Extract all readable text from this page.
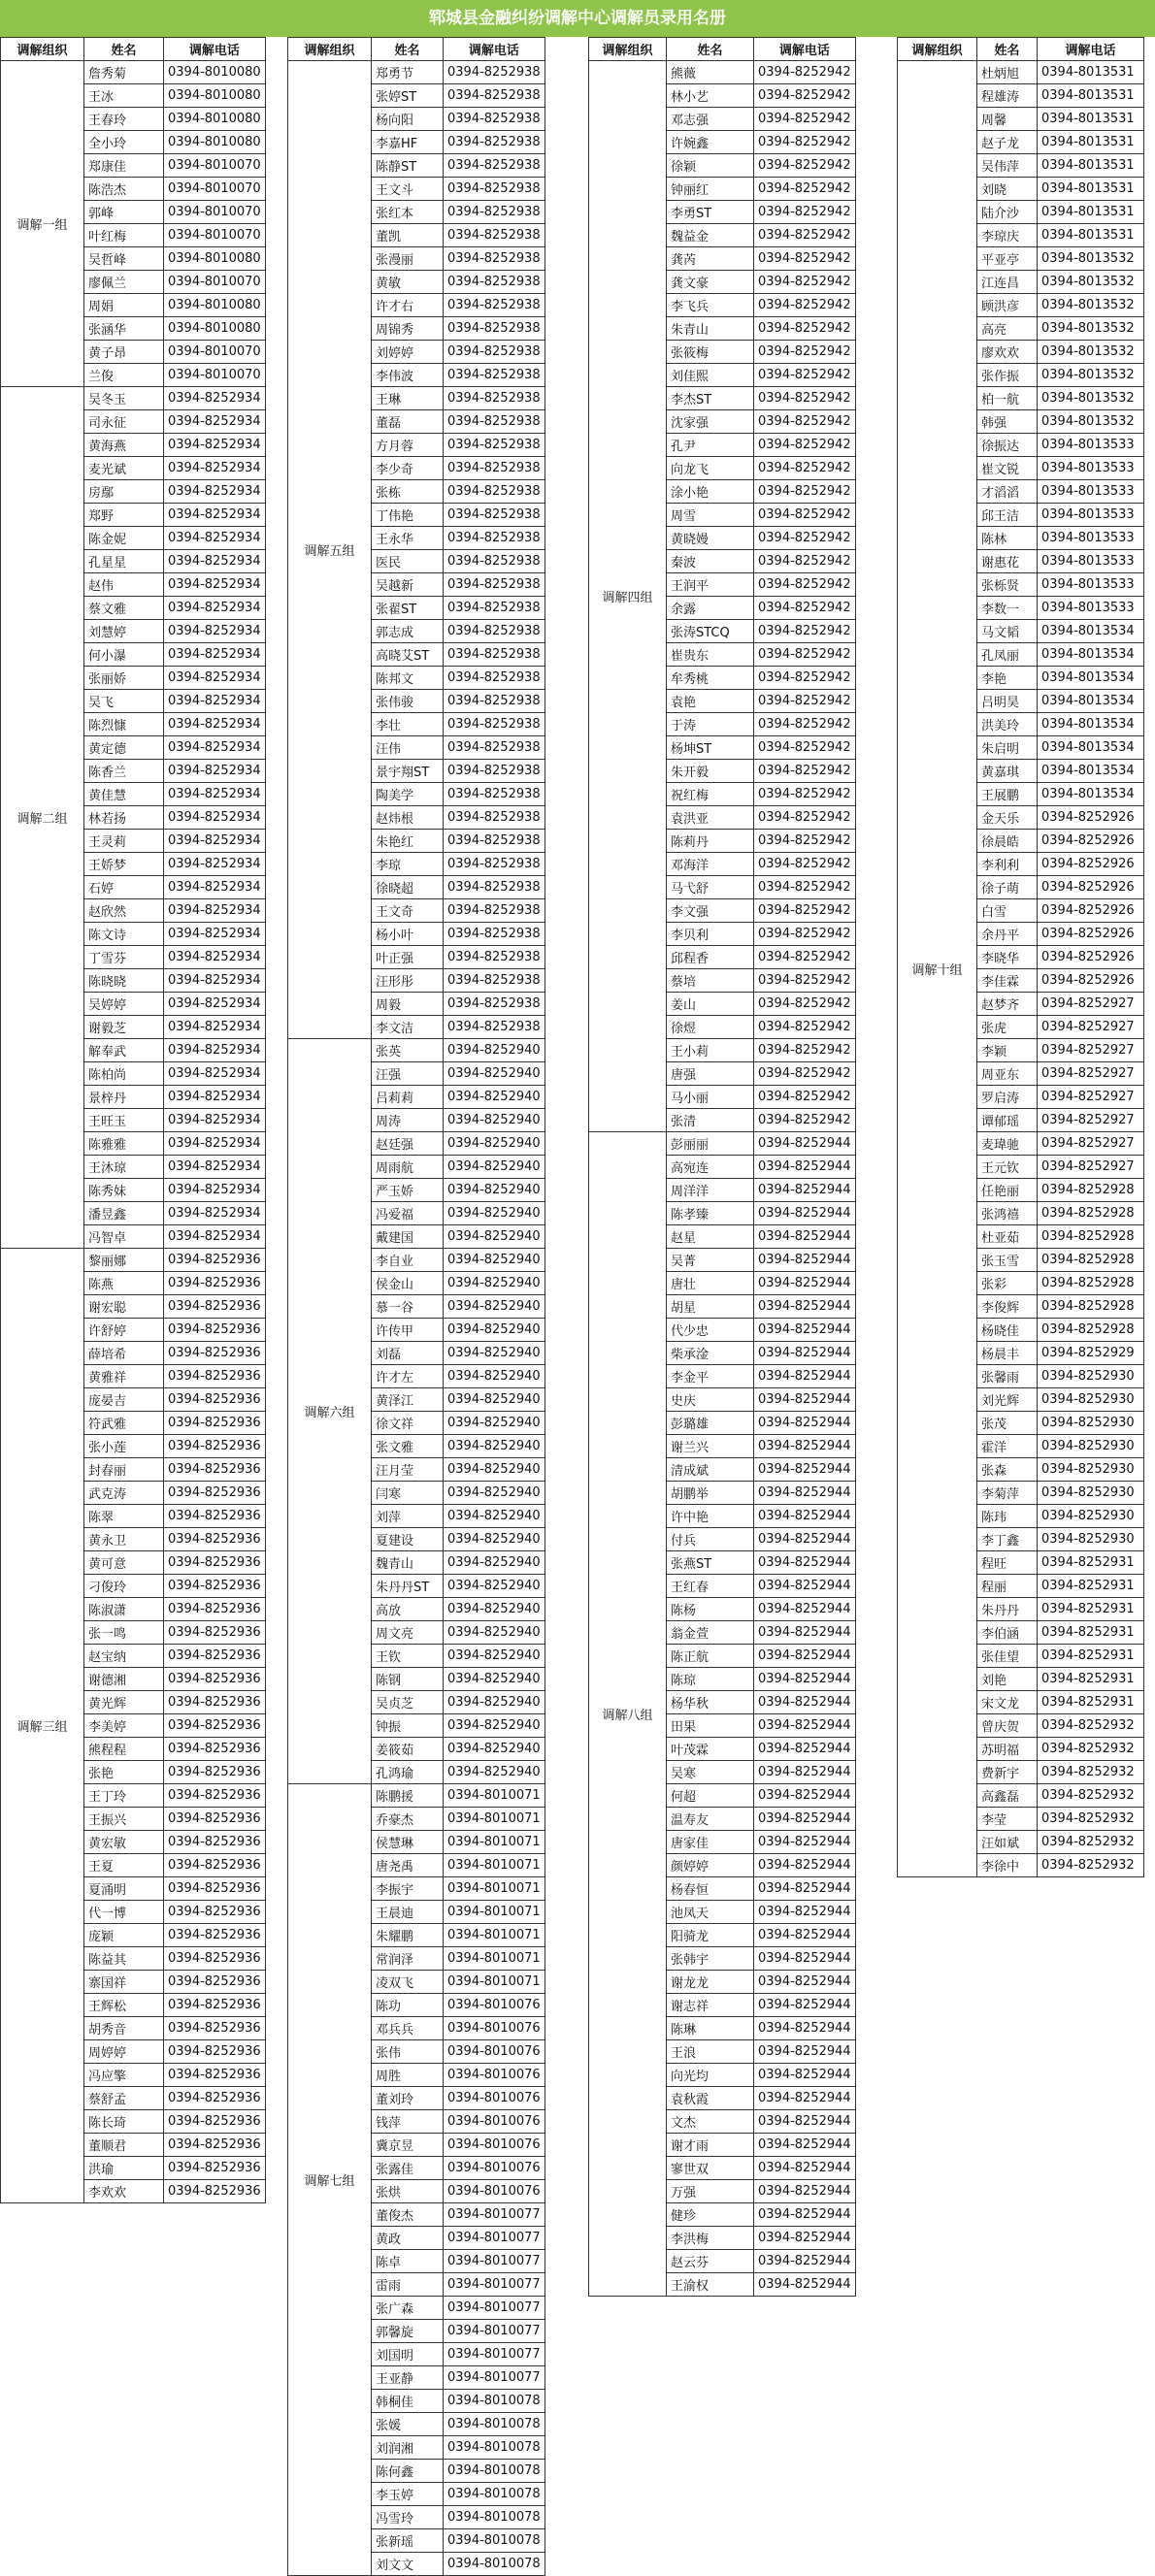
郓城县金融纠纷调解中心调解员录用名册
调解组织	姓名	调解电话
调解一组	詹秀菊	0394-8010080
	王冰	0394-8010080
	王春玲	0394-8010080
	全小玲	0394-8010080
	郑康佳	0394-8010070
	陈浩杰	0394-8010070
	郭峰	0394-8010070
	叶红梅	0394-8010070
	吴哲峰	0394-8010080
	廖佩兰	0394-8010070
	周娟	0394-8010080
	张涵华	0394-8010080
	黄子昂	0394-8010070
	兰俊	0394-8010070
调解二组	吴冬玉	0394-8252934
	司永征	0394-8252934
	黄海燕	0394-8252934
	麦光斌	0394-8252934
	房鄢	0394-8252934
	郑野	0394-8252934
	陈金妮	0394-8252934
	孔星星	0394-8252934
	赵伟	0394-8252934
	蔡文雅	0394-8252934
	刘慧婷	0394-8252934
	何小瀑	0394-8252934
	张丽娇	0394-8252934
	吴飞	0394-8252934
	陈烈慷	0394-8252934
	黄定德	0394-8252934
	陈香兰	0394-8252934
	黄佳慧	0394-8252934
	林若扬	0394-8252934
	王灵莉	0394-8252934
	王娇梦	0394-8252934
	石婷	0394-8252934
	赵欣然	0394-8252934
	陈文诗	0394-8252934
	丁雪芬	0394-8252934
	陈晓晓	0394-8252934
	吴婷婷	0394-8252934
	谢毅芝	0394-8252934
	解奉武	0394-8252934
	陈柏尚	0394-8252934
	景梓丹	0394-8252934
	王旺玉	0394-8252934
	陈雅雅	0394-8252934
	王沐琼	0394-8252934
	陈秀妹	0394-8252934
	潘昱鑫	0394-8252934
	冯智卓	0394-8252934
调解三组	黎丽娜	0394-8252936
	陈燕	0394-8252936
	谢宏聪	0394-8252936
	许舒婷	0394-8252936
	薛培希	0394-8252936
	黄雅祥	0394-8252936
	庞晏吉	0394-8252936
	符武雅	0394-8252936
	张小莲	0394-8252936
	封春丽	0394-8252936
	武克涛	0394-8252936
	陈翠	0394-8252936
	黄永卫	0394-8252936
	黄可意	0394-8252936
	刁俊玲	0394-8252936
	陈淑潇	0394-8252936
	张一鸣	0394-8252936
	赵宝纳	0394-8252936
	谢德湘	0394-8252936
	黄光辉	0394-8252936
	李美婷	0394-8252936
	熊程程	0394-8252936
	张艳	0394-8252936
	王丁玲	0394-8252936
	王振兴	0394-8252936
	黄宏敏	0394-8252936
	王夏	0394-8252936
	夏涌明	0394-8252936
	代一博	0394-8252936
	庞颖	0394-8252936
	陈益其	0394-8252936
	寨国祥	0394-8252936
	王辉松	0394-8252936
	胡秀音	0394-8252936
	周婷婷	0394-8252936
	冯应擎	0394-8252936
	蔡舒孟	0394-8252936
	陈长琦	0394-8252936
	董顺君	0394-8252936
	洪瑜	0394-8252936
	李欢欢	0394-8252936
调解组织	姓名	调解电话
调解五组	郑勇节	0394-8252938
	张婷ST	0394-8252938
	杨向阳	0394-8252938
	李嘉HF	0394-8252938
	陈静ST	0394-8252938
	王文斗	0394-8252938
	张红本	0394-8252938
	董凯	0394-8252938
	张漫丽	0394-8252938
	黄敏	0394-8252938
	许才右	0394-8252938
	周锦秀	0394-8252938
	刘婷婷	0394-8252938
	李伟波	0394-8252938
	王琳	0394-8252938
	董磊	0394-8252938
	方月蓉	0394-8252938
	李少奇	0394-8252938
	张栋	0394-8252938
	丁伟艳	0394-8252938
	王永华	0394-8252938
	医民	0394-8252938
	吴越新	0394-8252938
	张翟ST	0394-8252938
	郭志成	0394-8252938
	高晓艾ST	0394-8252938
	陈邦文	0394-8252938
	张伟骏	0394-8252938
	李壮	0394-8252938
	汪伟	0394-8252938
	景宇翔ST	0394-8252938
	陶美学	0394-8252938
	赵炜根	0394-8252938
	朱艳红	0394-8252938
	李琼	0394-8252938
	徐晓超	0394-8252938
	王文奇	0394-8252938
	杨小叶	0394-8252938
	叶正强	0394-8252938
	汪形彤	0394-8252938
	周毅	0394-8252938
	李文洁	0394-8252938
调解六组	张英	0394-8252940
	汪强	0394-8252940
	吕莉莉	0394-8252940
	周涛	0394-8252940
	赵廷强	0394-8252940
	周雨航	0394-8252940
	严玉娇	0394-8252940
	冯爱福	0394-8252940
	戴建国	0394-8252940
	李自业	0394-8252940
	侯金山	0394-8252940
	慕一谷	0394-8252940
	许传甲	0394-8252940
	刘磊	0394-8252940
	许才左	0394-8252940
	黄泽江	0394-8252940
	徐文祥	0394-8252940
	张文雅	0394-8252940
	汪月莹	0394-8252940
	闫寒	0394-8252940
	刘萍	0394-8252940
	夏建设	0394-8252940
	魏青山	0394-8252940
	朱丹丹ST	0394-8252940
	高放	0394-8252940
	周文亮	0394-8252940
	王钦	0394-8252940
	陈钢	0394-8252940
	吴贞芝	0394-8252940
	钟振	0394-8252940
	姜筱茹	0394-8252940
	孔鸿瑜	0394-8252940
调解七组	陈鹏援	0394-8010071
	乔豪杰	0394-8010071
	侯慧琳	0394-8010071
	唐尧禹	0394-8010071
	李振宇	0394-8010071
	王晨迪	0394-8010071
	朱耀鹏	0394-8010071
	常润泽	0394-8010071
	凌双飞	0394-8010071
	陈功	0394-8010076
	邓兵兵	0394-8010076
	张伟	0394-8010076
	周胜	0394-8010076
	董刘玲	0394-8010076
	钱萍	0394-8010076
	冀京昱	0394-8010076
	张露佳	0394-8010076
	张烘	0394-8010076
	董俊杰	0394-8010077
	黄政	0394-8010077
	陈卓	0394-8010077
	雷雨	0394-8010077
	张广森	0394-8010077
	郭馨旋	0394-8010077
	刘国明	0394-8010077
	王亚静	0394-8010077
	韩桐佳	0394-8010078
	张媛	0394-8010078
	刘润湘	0394-8010078
	陈何鑫	0394-8010078
	李玉婷	0394-8010078
	冯雪玲	0394-8010078
	张新瑶	0394-8010078
	刘文文	0394-8010078
调解组织	姓名	调解电话
调解四组	熊薇	0394-8252942
	林小艺	0394-8252942
	邓志强	0394-8252942
	许婉鑫	0394-8252942
	徐颖	0394-8252942
	钟丽红	0394-8252942
	李勇ST	0394-8252942
	魏益金	0394-8252942
	龚芮	0394-8252942
	龚文豪	0394-8252942
	李飞兵	0394-8252942
	朱青山	0394-8252942
	张筱梅	0394-8252942
	刘佳熙	0394-8252942
	李杰ST	0394-8252942
	沈家强	0394-8252942
	孔尹	0394-8252942
	向龙飞	0394-8252942
	涂小艳	0394-8252942
	周雪	0394-8252942
	黄晓嫚	0394-8252942
	秦波	0394-8252942
	王润平	0394-8252942
	余露	0394-8252942
	张涛STCQ	0394-8252942
	崔贵东	0394-8252942
	牟秀桃	0394-8252942
	袁艳	0394-8252942
	于涛	0394-8252942
	杨坤ST	0394-8252942
	朱开毅	0394-8252942
	祝红梅	0394-8252942
	袁洪亚	0394-8252942
	陈莉丹	0394-8252942
	邓海洋	0394-8252942
	马弋舒	0394-8252942
	李文强	0394-8252942
	李贝利	0394-8252942
	邱程香	0394-8252942
	蔡培	0394-8252942
	姜山	0394-8252942
	徐煜	0394-8252942
	王小莉	0394-8252942
	唐强	0394-8252942
	马小丽	0394-8252942
	张清	0394-8252942
调解八组	彭丽丽	0394-8252944
	高宛连	0394-8252944
	周洋洋	0394-8252944
	陈孝臻	0394-8252944
	赵星	0394-8252944
	吴菁	0394-8252944
	唐壮	0394-8252944
	胡星	0394-8252944
	代少忠	0394-8252944
	柴承淦	0394-8252944
	李金平	0394-8252944
	史庆	0394-8252944
	彭璐雄	0394-8252944
	谢兰兴	0394-8252944
	清成斌	0394-8252944
	胡鹏举	0394-8252944
	许中艳	0394-8252944
	付兵	0394-8252944
	张燕ST	0394-8252944
	王红春	0394-8252944
	陈杨	0394-8252944
	翁金萱	0394-8252944
	陈正航	0394-8252944
	陈琼	0394-8252944
	杨华秋	0394-8252944
	田果	0394-8252944
	叶茂霖	0394-8252944
	吴寒	0394-8252944
	何超	0394-8252944
	温寿友	0394-8252944
	唐家佳	0394-8252944
	颜婷婷	0394-8252944
	杨春恒	0394-8252944
	池凤天	0394-8252944
	阳骑龙	0394-8252944
	张韩宇	0394-8252944
	谢龙龙	0394-8252944
	谢志祥	0394-8252944
	陈琳	0394-8252944
	王浪	0394-8252944
	向光均	0394-8252944
	袁秋霞	0394-8252944
	文杰	0394-8252944
	谢才雨	0394-8252944
	寥世双	0394-8252944
	万强	0394-8252944
	健珍	0394-8252944
	李洪梅	0394-8252944
	赵云芬	0394-8252944
	王渝权	0394-8252944
调解组织	姓名	调解电话
调解十组	杜炳旭	0394-8013531
	程雄涛	0394-8013531
	周馨	0394-8013531
	赵子龙	0394-8013531
	吴伟萍	0394-8013531
	刘晓	0394-8013531
	陆介沙	0394-8013531
	李琼庆	0394-8013531
	平亚亭	0394-8013532
	江连昌	0394-8013532
	顾洪彦	0394-8013532
	高亮	0394-8013532
	廖欢欢	0394-8013532
	张作振	0394-8013532
	柏一航	0394-8013532
	韩强	0394-8013532
	徐振达	0394-8013533
	崔文锐	0394-8013533
	才滔滔	0394-8013533
	邱王洁	0394-8013533
	陈林	0394-8013533
	谢惠花	0394-8013533
	张栎贤	0394-8013533
	李数一	0394-8013533
	马文韬	0394-8013534
	孔凤丽	0394-8013534
	李艳	0394-8013534
	吕明昊	0394-8013534
	洪美玲	0394-8013534
	朱启明	0394-8013534
	黄嘉琪	0394-8013534
	王展鹏	0394-8013534
	金天乐	0394-8252926
	徐晨皓	0394-8252926
	李利利	0394-8252926
	徐子萌	0394-8252926
	白雪	0394-8252926
	余丹平	0394-8252926
	李晓华	0394-8252926
	李佳霖	0394-8252926
	赵梦齐	0394-8252927
	张虎	0394-8252927
	李颖	0394-8252927
	周亚东	0394-8252927
	罗启涛	0394-8252927
	谭郁瑶	0394-8252927
	麦瑋驰	0394-8252927
	王元钦	0394-8252927
	任艳丽	0394-8252928
	张鸿禧	0394-8252928
	杜亚茹	0394-8252928
	张玉雪	0394-8252928
	张彩	0394-8252928
	李俊辉	0394-8252928
	杨晓佳	0394-8252928
	杨晨丰	0394-8252929
	张馨雨	0394-8252930
	刘光辉	0394-8252930
	张茂	0394-8252930
	霍洋	0394-8252930
	张森	0394-8252930
	李菊萍	0394-8252930
	陈玮	0394-8252930
	李丁鑫	0394-8252930
	程旺	0394-8252931
	程丽	0394-8252931
	朱丹丹	0394-8252931
	李伯涵	0394-8252931
	张佳望	0394-8252931
	刘艳	0394-8252931
	宋文龙	0394-8252931
	曾庆贺	0394-8252932
	苏明福	0394-8252932
	费新宇	0394-8252932
	高鑫磊	0394-8252932
	李莹	0394-8252932
	汪如斌	0394-8252932
	李徐中	0394-8252932
